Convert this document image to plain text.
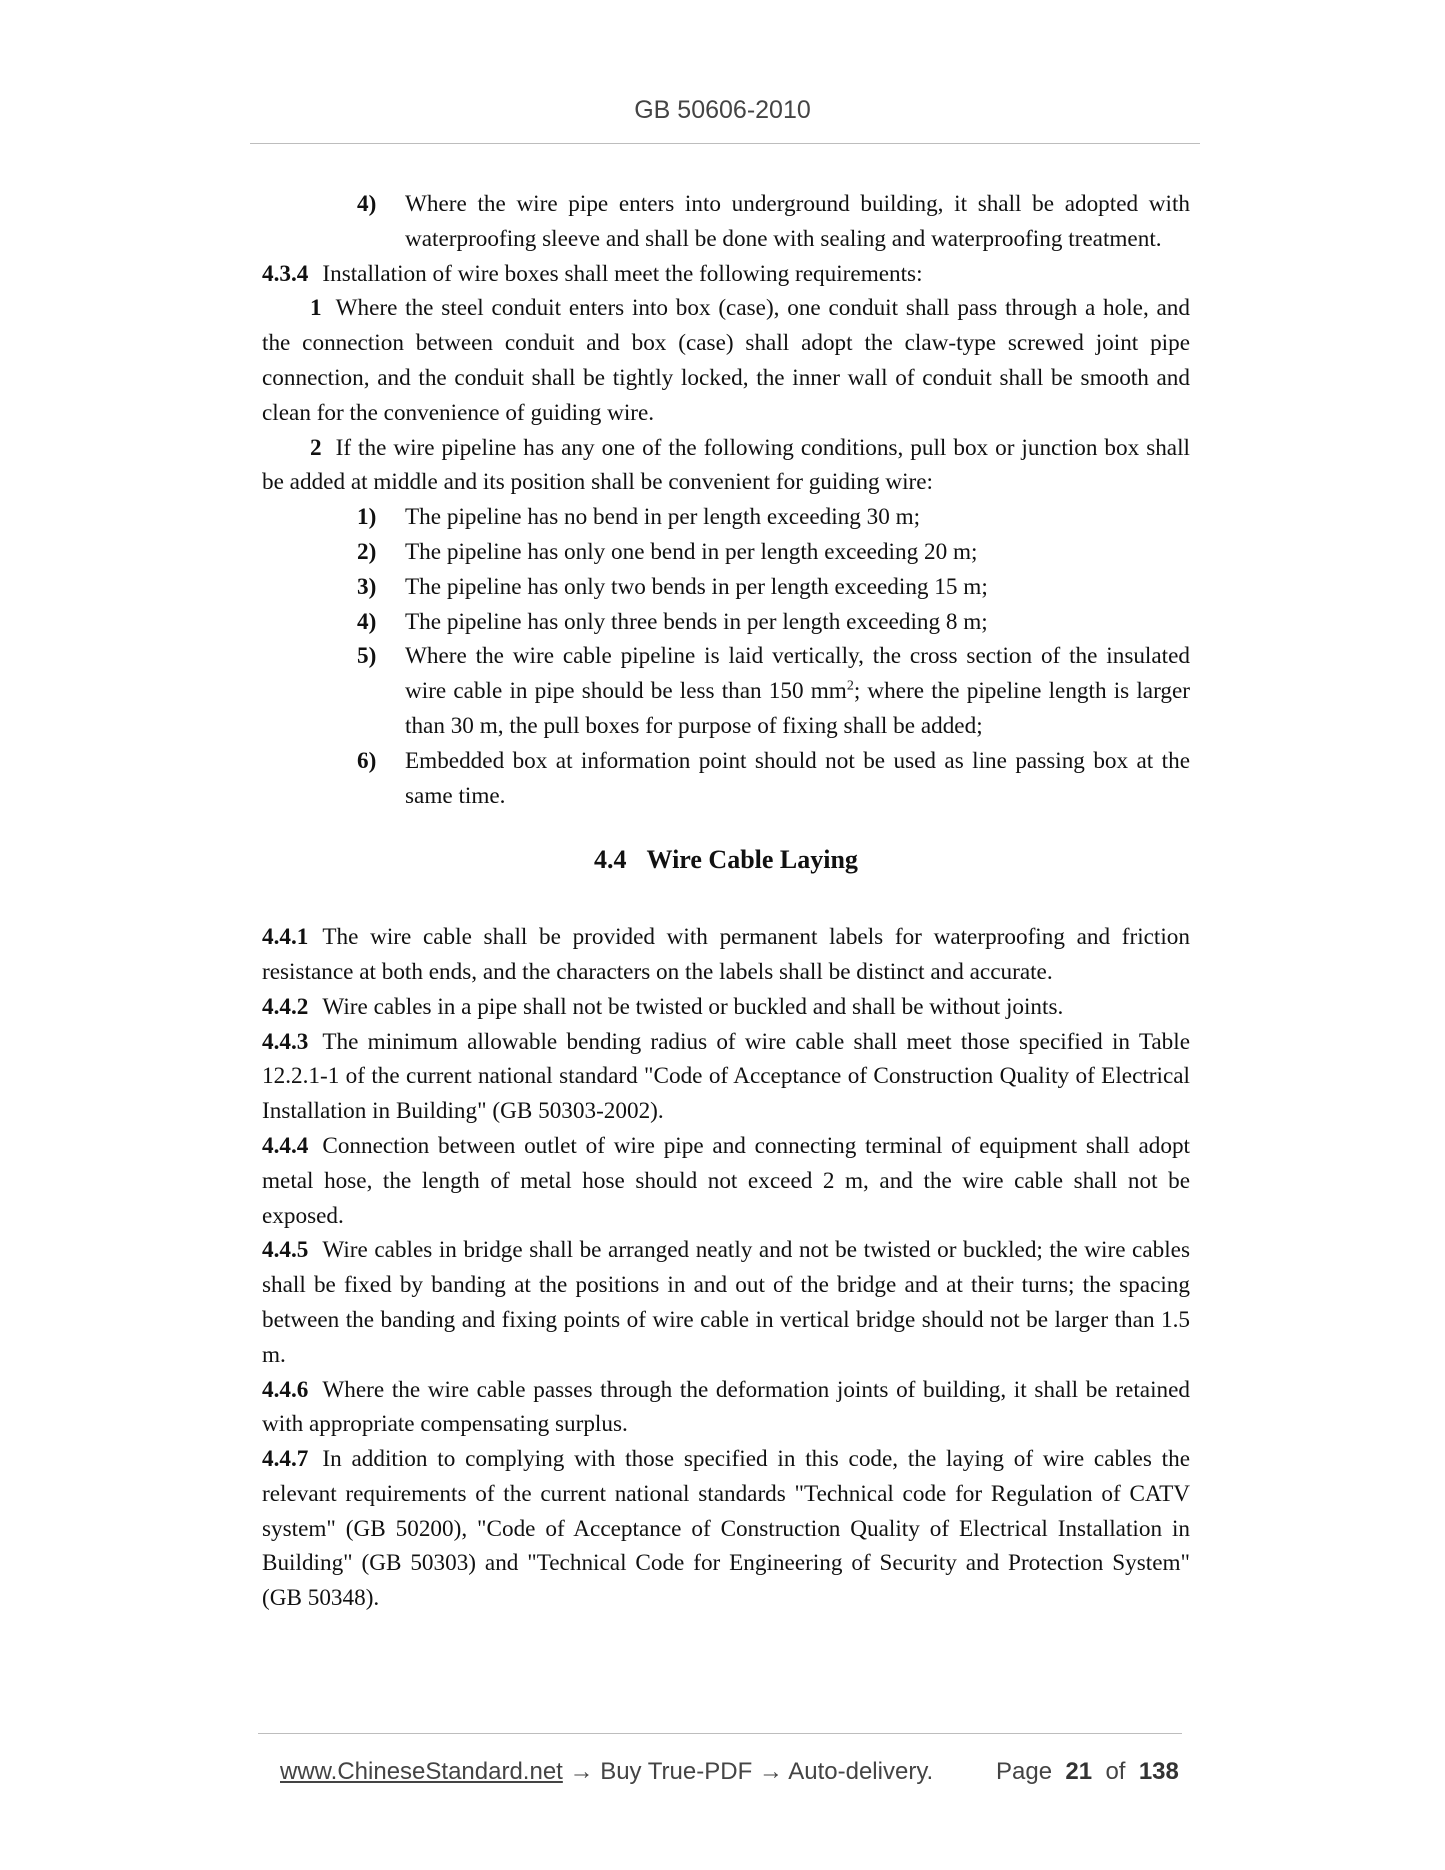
GB 50606-2010

4) Where the wire pipe enters into underground building, it shall be adopted with waterproofing sleeve and shall be done with sealing and waterproofing treatment.

4.3.4 Installation of wire boxes shall meet the following requirements:

1 Where the steel conduit enters into box (case), one conduit shall pass through a hole, and the connection between conduit and box (case) shall adopt the claw-type screwed joint pipe connection, and the conduit shall be tightly locked, the inner wall of conduit shall be smooth and clean for the convenience of guiding wire.

2 If the wire pipeline has any one of the following conditions, pull box or junction box shall be added at middle and its position shall be convenient for guiding wire:

1) The pipeline has no bend in per length exceeding 30 m;

2) The pipeline has only one bend in per length exceeding 20 m;

3) The pipeline has only two bends in per length exceeding 15 m;

4) The pipeline has only three bends in per length exceeding 8 m;

5) Where the wire cable pipeline is laid vertically, the cross section of the insulated wire cable in pipe should be less than 150 $mm^2$; where the pipeline length is larger than 30 m, the pull boxes for purpose of fixing shall be added;

6) Embedded box at information point should not be used as line passing box at the same time.

4.4 Wire Cable Laying

4.4.1 The wire cable shall be provided with permanent labels for waterproofing and friction resistance at both ends, and the characters on the labels shall be distinct and accurate.

4.4.2 Wire cables in a pipe shall not be twisted or buckled and shall be without joints.

4.4.3 The minimum allowable bending radius of wire cable shall meet those specified in Table 12.2.1-1 of the current national standard "Code of Acceptance of Construction Quality of Electrical Installation in Building" (GB 50303-2002).

4.4.4 Connection between outlet of wire pipe and connecting terminal of equipment shall adopt metal hose, the length of metal hose should not exceed 2 m, and the wire cable shall not be exposed.

4.4.5 Wire cables in bridge shall be arranged neatly and not be twisted or buckled; the wire cables shall be fixed by banding at the positions in and out of the bridge and at their turns; the spacing between the banding and fixing points of wire cable in vertical bridge should not be larger than 1.5 m.

4.4.6 Where the wire cable passes through the deformation joints of building, it shall be retained with appropriate compensating surplus.

4.4.7 In addition to complying with those specified in this code, the laying of wire cables the relevant requirements of the current national standards "Technical code for Regulation of CATV system" (GB 50200), "Code of Acceptance of Construction Quality of Electrical Installation in Building" (GB 50303) and "Technical Code for Engineering of Security and Protection System" (GB 50348).

www.ChineseStandard.net → Buy True-PDF → Auto-delivery.	Page 21 of 138
